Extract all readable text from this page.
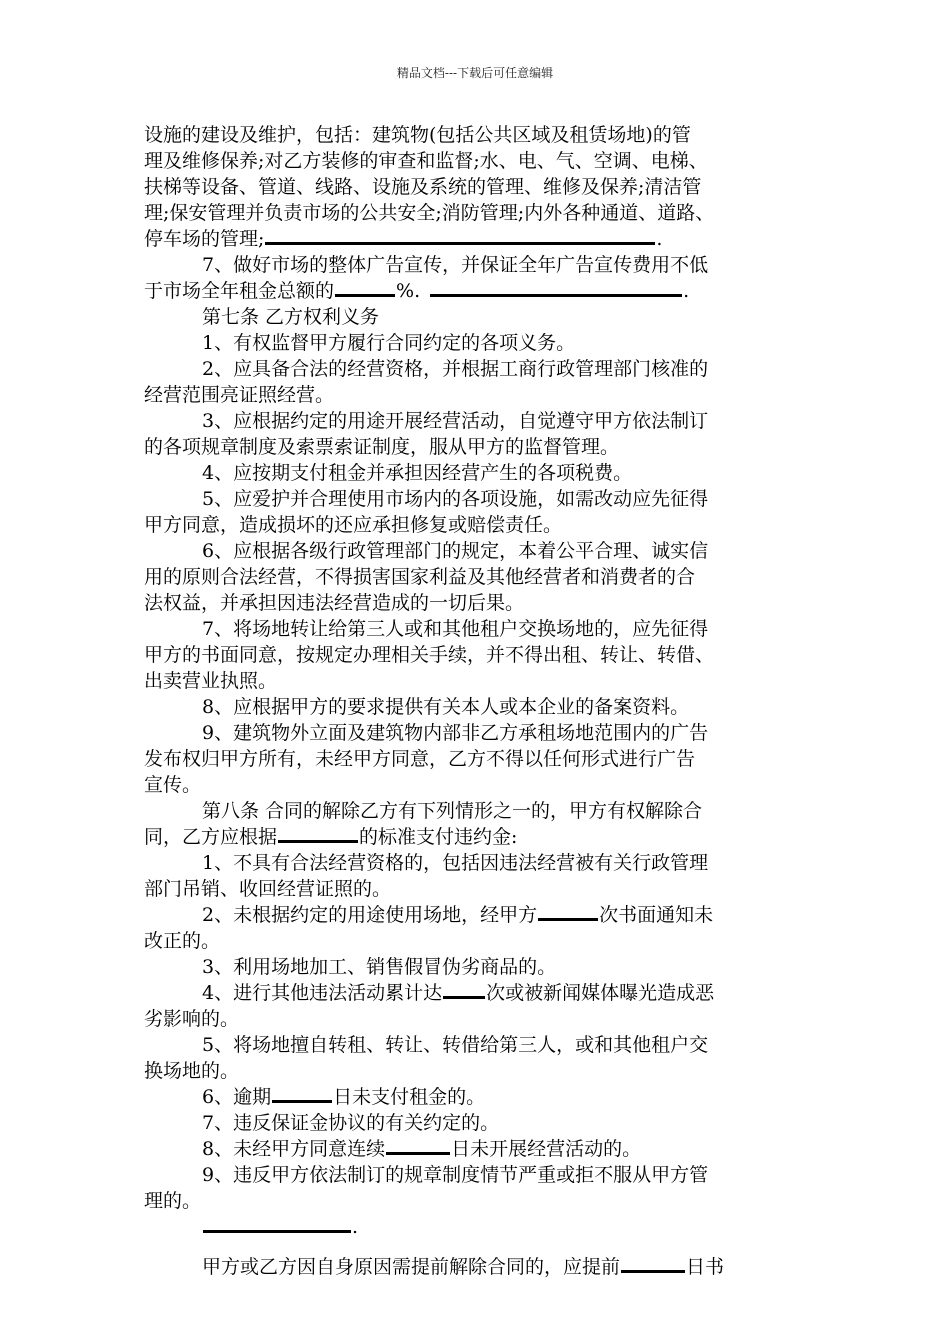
精品文档---下载后可任意编辑
设施的建设及维护，包括：建筑物(包括公共区域及租赁场地)的管
理及维修保养;对乙方装修的审查和监督;水、电、气、空调、电梯、
扶梯等设备、管道、线路、设施及系统的管理、维修及保养;清洁管
理;保安管理并负责市场的公共安全;消防管理;内外各种通道、道路、
停车场的管理;	.
7、做好市场的整体广告宣传，并保证全年广告宣传费用不低
于市场全年租金总额的	%.	.
第七条 乙方权利义务
1、有权监督甲方履行合同约定的各项义务。
2、应具备合法的经营资格，并根据工商行政管理部门核准的
经营范围亮证照经营。
3、应根据约定的用途开展经营活动，自觉遵守甲方依法制订
的各项规章制度及索票索证制度，服从甲方的监督管理。
4、应按期支付租金并承担因经营产生的各项税费。
5、应爱护并合理使用市场内的各项设施，如需改动应先征得
甲方同意，造成损坏的还应承担修复或赔偿责任。
6、应根据各级行政管理部门的规定，本着公平合理、诚实信
用的原则合法经营，不得损害国家利益及其他经营者和消费者的合
法权益，并承担因违法经营造成的一切后果。
7、将场地转让给第三人或和其他租户交换场地的，应先征得
甲方的书面同意，按规定办理相关手续，并不得出租、转让、转借、
出卖营业执照。
8、应根据甲方的要求提供有关本人或本企业的备案资料。
9、建筑物外立面及建筑物内部非乙方承租场地范围内的广告
发布权归甲方所有，未经甲方同意，乙方不得以任何形式进行广告
宣传。
第八条 合同的解除乙方有下列情形之一的，甲方有权解除合
同，乙方应根据	的标准支付违约金:
1、不具有合法经营资格的，包括因违法经营被有关行政管理
部门吊销、收回经营证照的。
2、未根据约定的用途使用场地，经甲方	次书面通知未
改正的。
3、利用场地加工、销售假冒伪劣商品的。
4、进行其他违法活动累计达 次或被新闻媒体曝光造成恶
劣影响的。
5、将场地擅自转租、转让、转借给第三人，或和其他租户交
换场地的。
6、逾期	日未支付租金的。
7、违反保证金协议的有关约定的。
8、未经甲方同意连续	日未开展经营活动的。
9、违反甲方依法制订的规章制度情节严重或拒不服从甲方管
理的。
.
甲方或乙方因自身原因需提前解除合同的，应提前	日书
